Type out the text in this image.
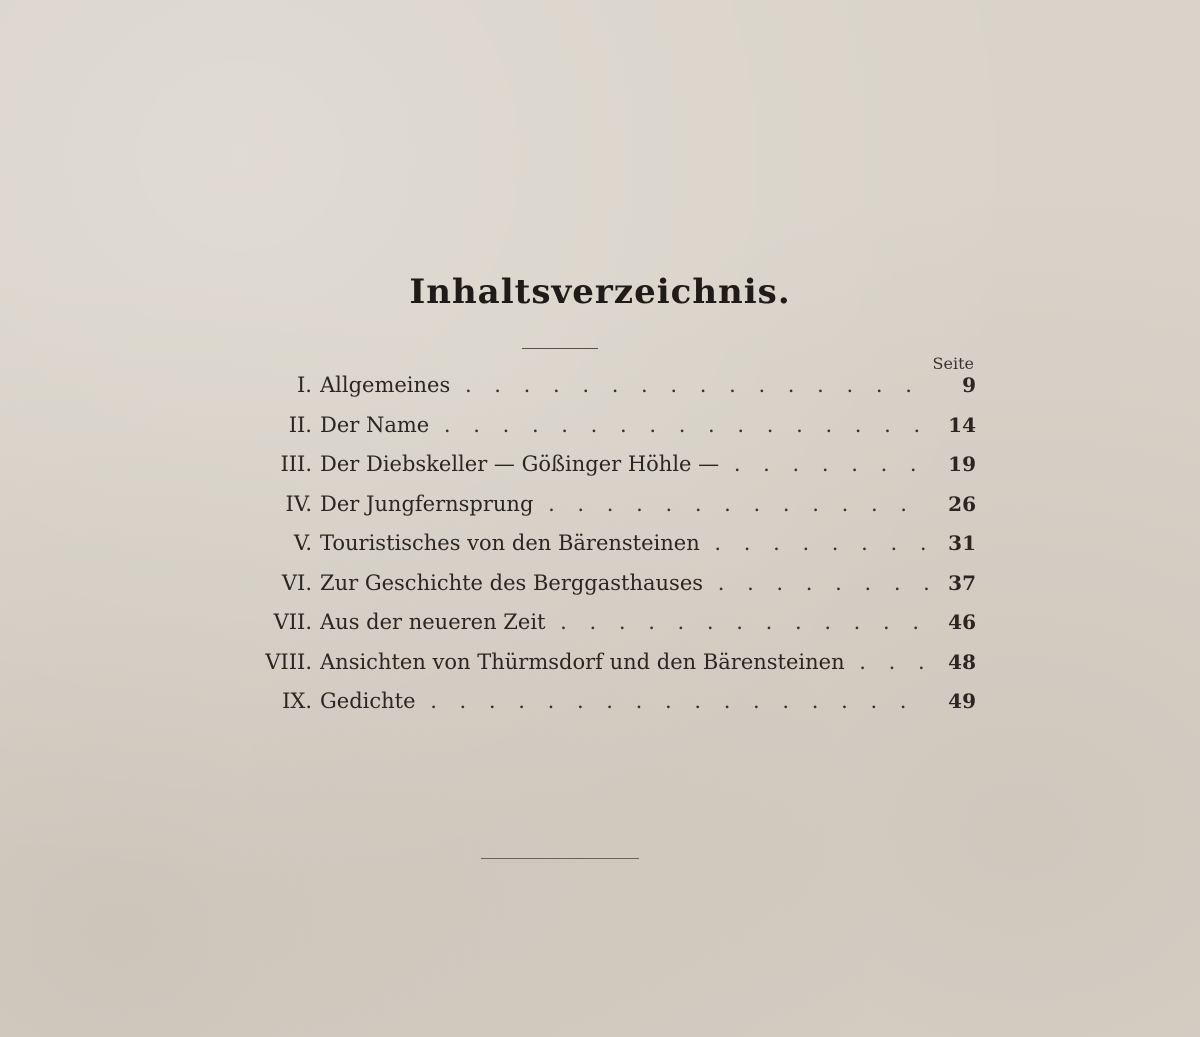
Inhaltsverzeichnis.
Seite
I. Allgemeines . . .	9
II. Der Name . . .	14
III. Der Diebskeller — Gößinger Höhle — . . .	19
IV. Der Jungfernsprung . . .	26
V. Touristisches von den Bärensteinen . . .	31
VI. Zur Geschichte des Berggasthauses . . .	37
VII. Aus der neueren Zeit . . .	46
VIII. Ansichten von Thürmsdorf und den Bärensteinen . . .	48
IX. Gedichte . . .	49
